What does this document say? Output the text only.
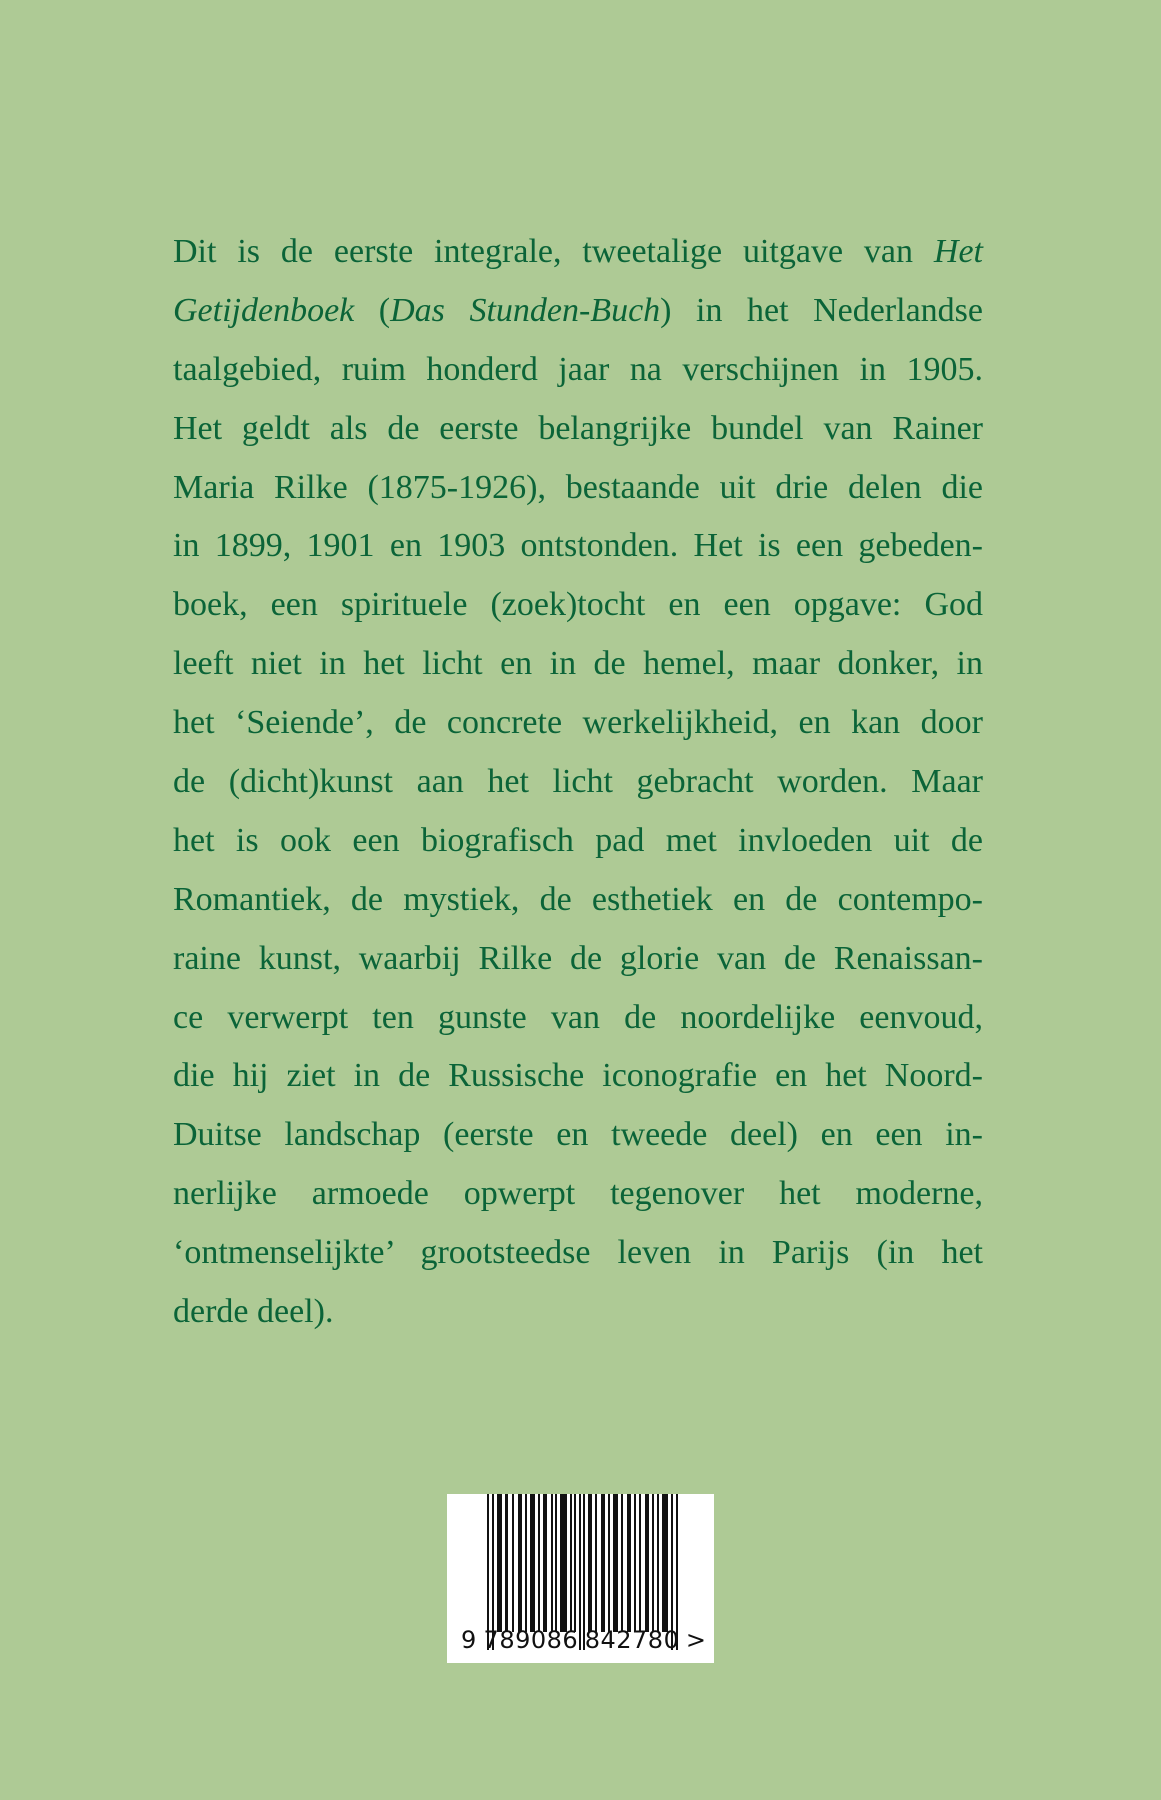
Dit is de eerste integrale, tweetalige uitgave van Het
Getijdenboek (Das Stunden-Buch) in het Nederlandse
taalgebied, ruim honderd jaar na verschijnen in 1905.
Het geldt als de eerste belangrijke bundel van Rainer
Maria Rilke (1875-1926), bestaande uit drie delen die
in 1899, 1901 en 1903 ontstonden. Het is een gebeden-
boek, een spirituele (zoek)tocht en een opgave: God
leeft niet in het licht en in de hemel, maar donker, in
het ‘Seiende’, de concrete werkelijkheid, en kan door
de (dicht)kunst aan het licht gebracht worden. Maar
het is ook een biografisch pad met invloeden uit de
Romantiek, de mystiek, de esthetiek en de contempo-
raine kunst, waarbij Rilke de glorie van de Renaissan-
ce verwerpt ten gunste van de noordelijke eenvoud,
die hij ziet in de Russische iconografie en het Noord-
Duitse landschap (eerste en tweede deel) en een in-
nerlijke armoede opwerpt tegenover het moderne,
‘ontmenselijkte’ grootsteedse leven in Parijs (in het
derde deel).
9 789086 842780 >
